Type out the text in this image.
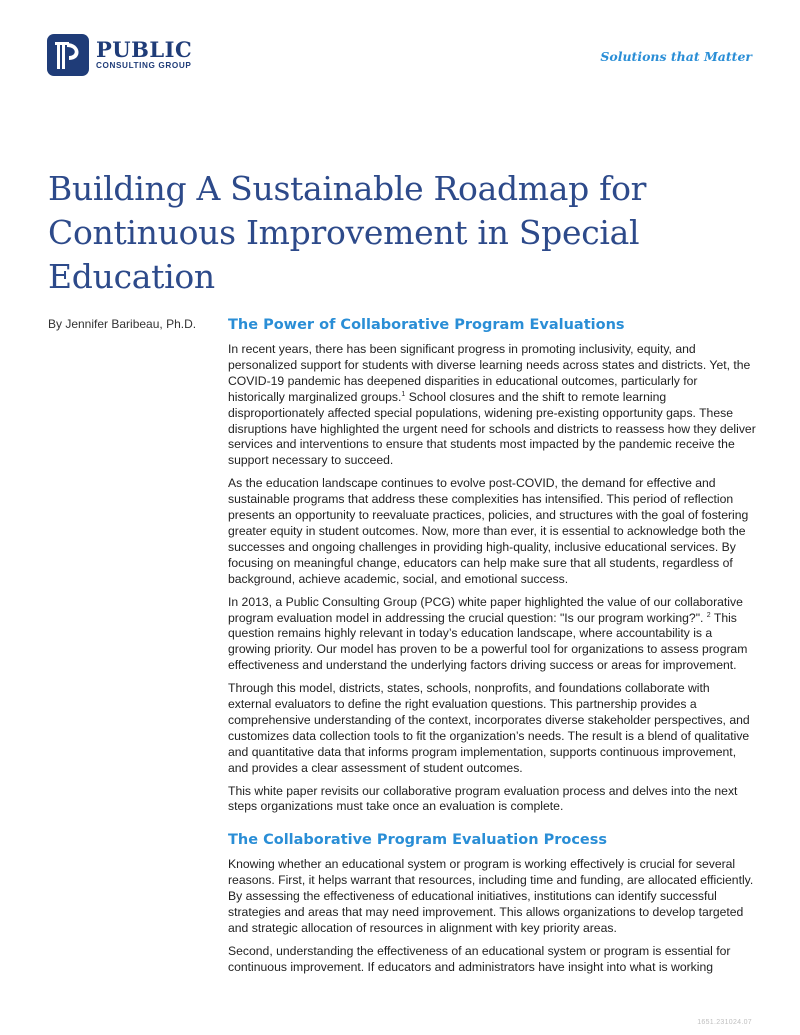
PUBLIC
CONSULTING GROUP
Solutions that Matter
Building A Sustainable Roadmap for Continuous Improvement in Special Education
By Jennifer Baribeau, Ph.D. The Power of Collaborative Program Evaluations

In recent years, there has been significant progress in promoting inclusivity, equity, and personalized support for students with diverse learning needs across states and districts. Yet, the COVID-19 pandemic has deepened disparities in educational outcomes, particularly for historically marginalized groups.$^1$ School closures and the shift to remote learning disproportionately affected special populations, widening pre-existing opportunity gaps. These disruptions have highlighted the urgent need for schools and districts to reassess how they deliver services and interventions to ensure that students most impacted by the pandemic receive the support necessary to succeed.

As the education landscape continues to evolve post-COVID, the demand for effective and sustainable programs that address these complexities has intensified. This period of reflection presents an opportunity to reevaluate practices, policies, and structures with the goal of fostering greater equity in student outcomes. Now, more than ever, it is essential to acknowledge both the successes and ongoing challenges in providing high-quality, inclusive educational services. By focusing on meaningful change, educators can help make sure that all students, regardless of background, achieve academic, social, and emotional success.

In 2013, a Public Consulting Group (PCG) white paper highlighted the value of our collaborative program evaluation model in addressing the crucial question: "Is our program working?". $^2$ This question remains highly relevant in today’s education landscape, where accountability is a growing priority. Our model has proven to be a powerful tool for organizations to assess program effectiveness and understand the underlying factors driving success or areas for improvement.

Through this model, districts, states, schools, nonprofits, and foundations collaborate with external evaluators to define the right evaluation questions. This partnership provides a comprehensive understanding of the context, incorporates diverse stakeholder perspectives, and customizes data collection tools to fit the organization’s needs. The result is a blend of qualitative and quantitative data that informs program implementation, supports continuous improvement, and provides a clear assessment of student outcomes.

This white paper revisits our collaborative program evaluation process and delves into the next steps organizations must take once an evaluation is complete.

The Collaborative Program Evaluation Process

Knowing whether an educational system or program is working effectively is crucial for several reasons. First, it helps warrant that resources, including time and funding, are allocated efficiently. By assessing the effectiveness of educational initiatives, institutions can identify successful strategies and areas that may need improvement. This allows organizations to develop targeted and strategic allocation of resources in alignment with key priority areas.

Second, understanding the effectiveness of an educational system or program is essential for continuous improvement. If educators and administrators have insight into what is working

1651.231024.07
